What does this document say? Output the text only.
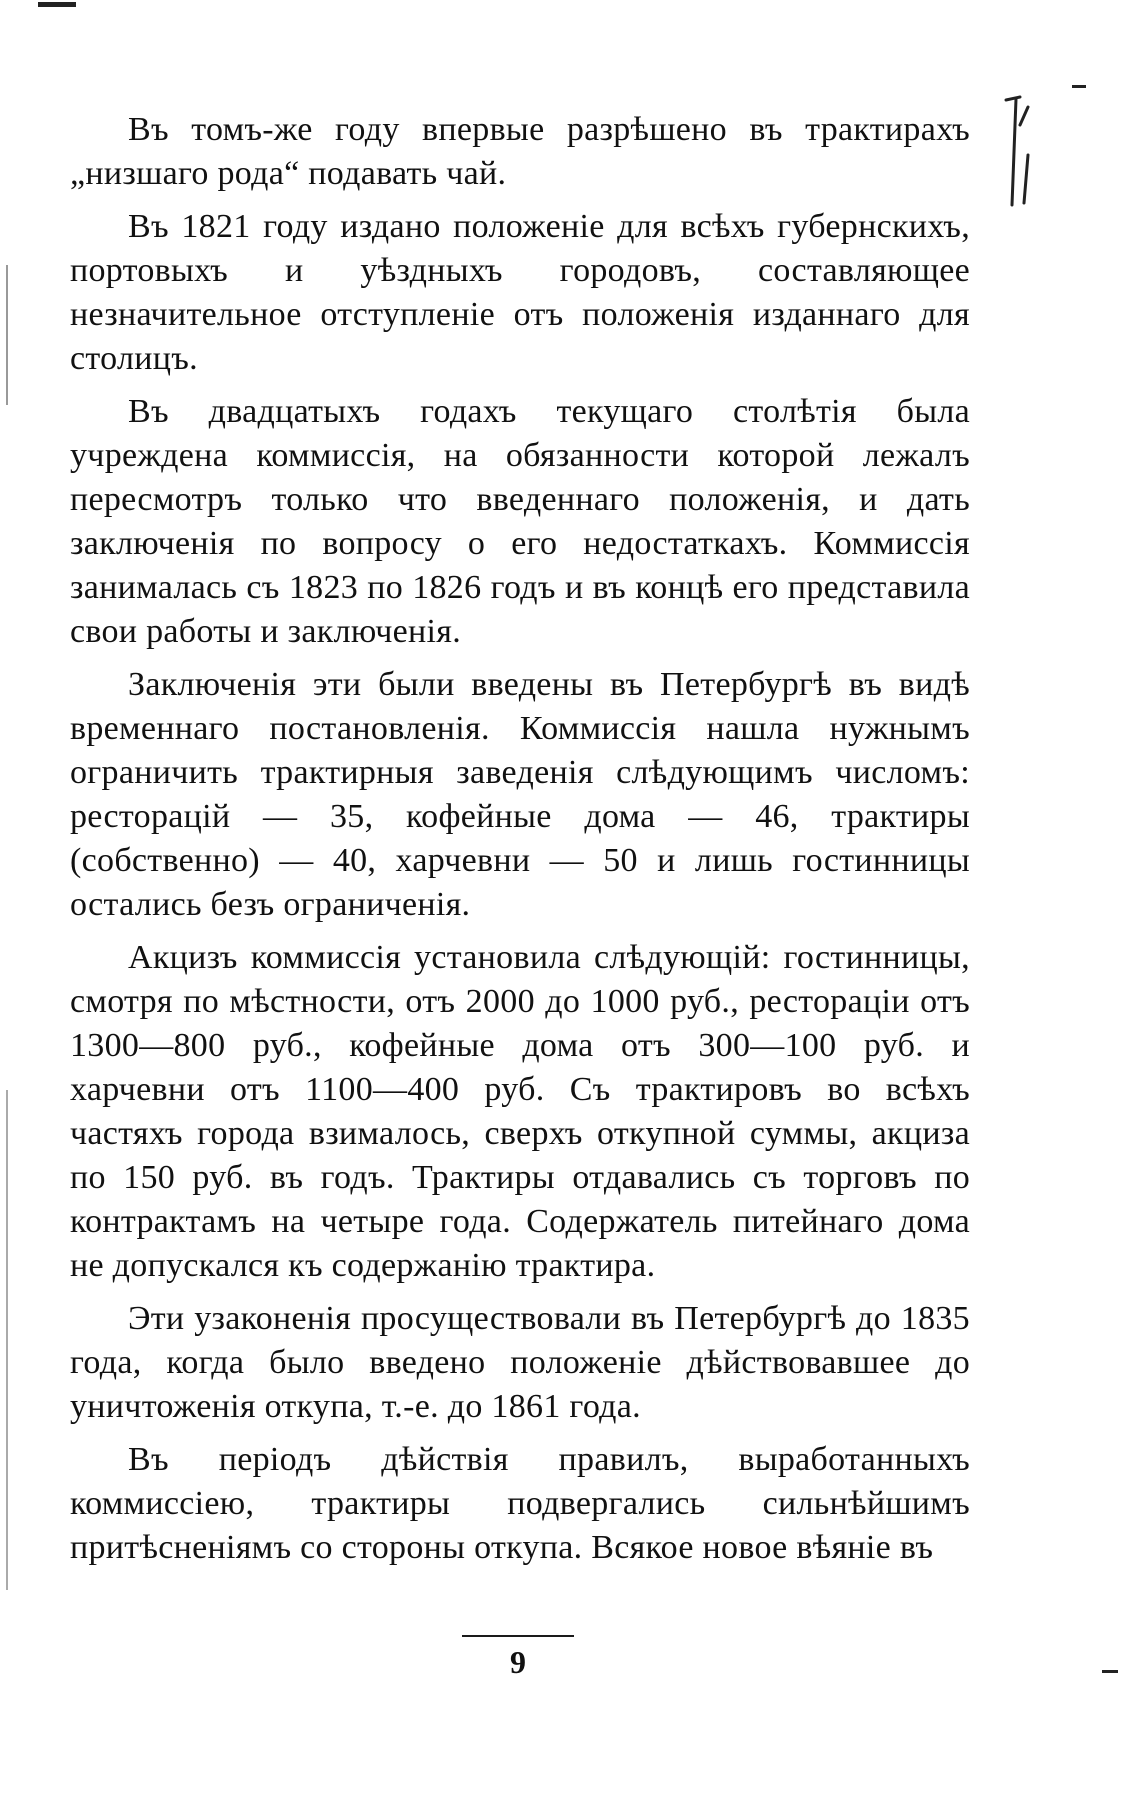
Въ томъ-же году впервые разрѣшено въ трактирахъ „низшаго рода“ подавать чай.

Въ 1821 году издано положенie для всѣхъ губернскихъ, портовыхъ и уѣздныхъ городовъ, составляющее незначительное отступленie отъ положенiя изданнаго для столицъ.

Въ двадцатыхъ годахъ текущаго столѣтiя была учреждена коммиссiя, на обязанности которой лежалъ пересмотръ только что введеннаго положенiя, и дать заключенiя по вопросу о его недостаткахъ. Коммиссiя занималась съ 1823 по 1826 годъ и въ концѣ его представила свои работы и заключенiя.

Заключенiя эти были введены въ Петербургѣ въ видѣ временнаго постановленiя. Коммиссiя нашла нужнымъ ограничить трактирныя заведенiя слѣдующимъ числомъ: ресторацiй — 35, кофейные дома — 46, трактиры (собственно) — 40, харчевни — 50 и лишь гостинницы остались безъ ограниченiя.

Акцизъ коммиссiя установила слѣдующiй: гостинницы, смотря по мѣстности, отъ 2000 до 1000 руб., ресторацiи отъ 1300—800 руб., кофейные дома отъ 300—100 руб. и харчевни отъ 1100—400 руб. Съ трактировъ во всѣхъ частяхъ города взималось, сверхъ откупной суммы, акциза по 150 руб. въ годъ. Трактиры отдавались съ торговъ по контрактамъ на четыре года. Содержатель питейнаго дома не допускался къ содержанiю трактира.

Эти узаконенiя просуществовали въ Петербургѣ до 1835 года, когда было введено положенie дѣйствовавшее до уничтоженiя откупа, т.-е. до 1861 года.

Въ перiодъ дѣйствiя правилъ, выработанныхъ коммиссiею, трактиры подвергались сильнѣйшимъ притѣсненiямъ со стороны откупа. Всякое новое вѣянie въ

9
